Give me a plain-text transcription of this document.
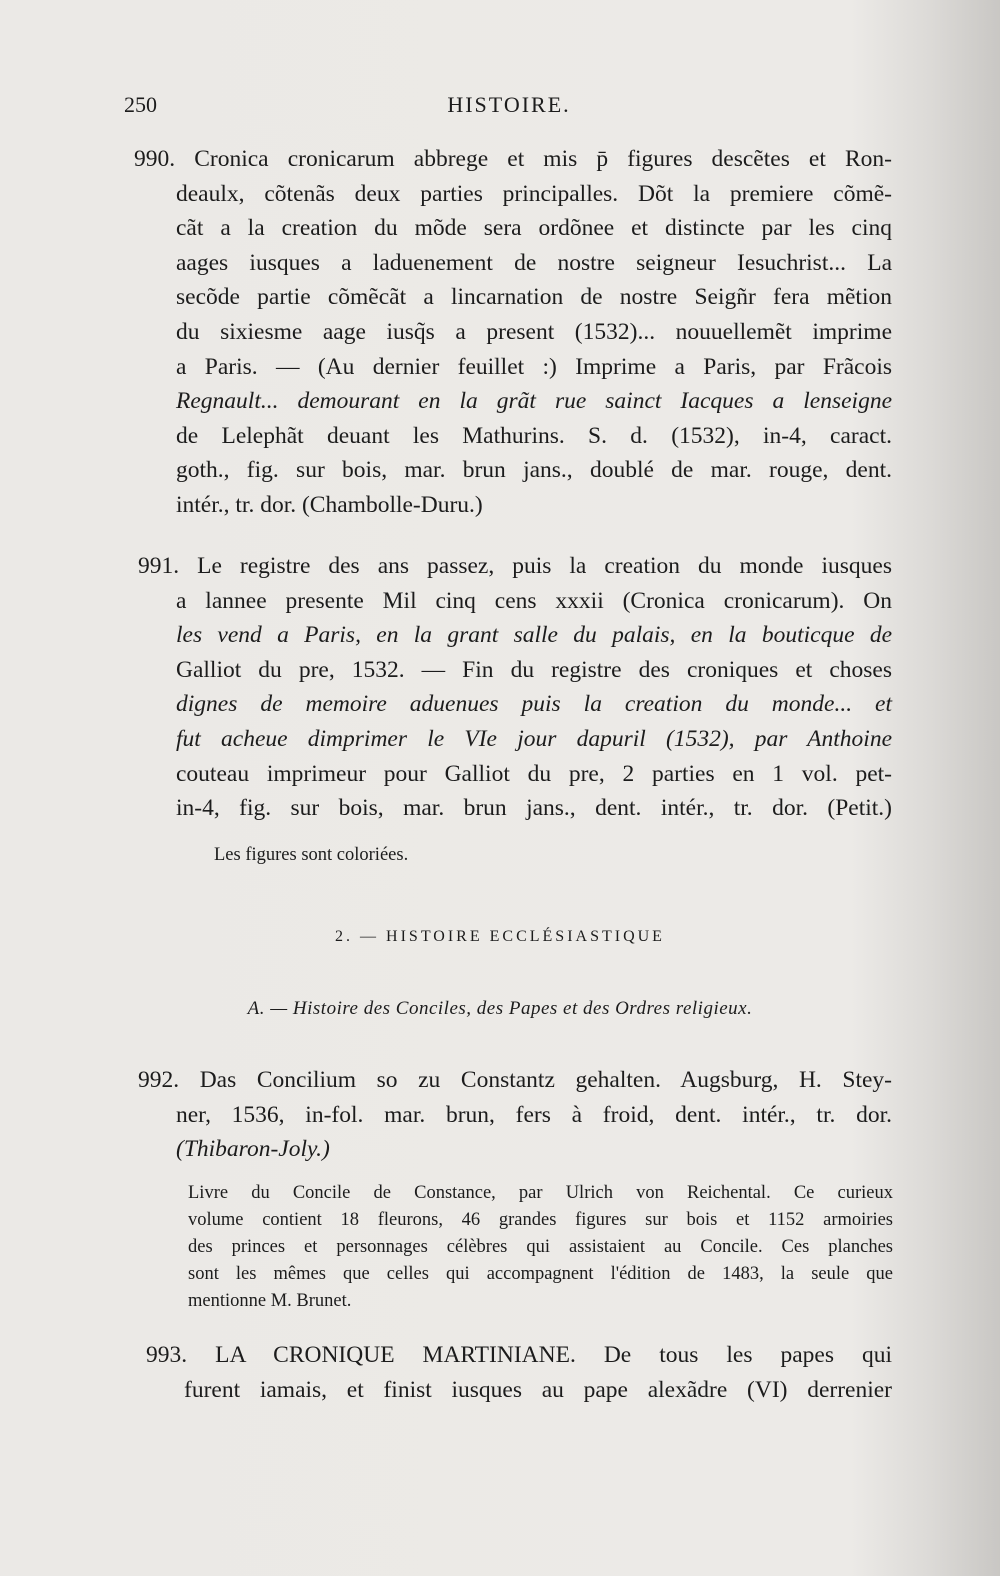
250	HISTOIRE.
990. Cronica cronicarum abbrege et mis p̄ figures descẽtes et Ron-
deaulx, cõtenãs deux parties principalles. Dõt la premiere cõmẽ-
cãt a la creation du mõde sera ordõnee et distincte par les cinq
aages iusques a laduenement de nostre seigneur Iesuchrist... La
secõde partie cõmẽcãt a lincarnation de nostre Seigñr fera mẽtion
du sixiesme aage iusq̃s a present (1532)... nouuellemẽt imprime
a Paris. — (Au dernier feuillet :) Imprime a Paris, par Frãcois
Regnault... demourant en la grãt rue sainct Iacques a lenseigne
de Lelephãt deuant les Mathurins. S. d. (1532), in-4, caract.
goth., fig. sur bois, mar. brun jans., doublé de mar. rouge, dent.
intér., tr. dor. (Chambolle-Duru.)
991. Le registre des ans passez, puis la creation du monde iusques
a lannee presente Mil cinq cens xxxii (Cronica cronicarum). On
les vend a Paris, en la grant salle du palais, en la bouticque de
Galliot du pre, 1532. — Fin du registre des croniques et choses
dignes de memoire aduenues puis la creation du monde... et
fut acheue dimprimer le VIe jour dapuril (1532), par Anthoine
couteau imprimeur pour Galliot du pre, 2 parties en 1 vol. pet-
in-4, fig. sur bois, mar. brun jans., dent. intér., tr. dor. (Petit.)
Les figures sont coloriées.
2. — HISTOIRE ECCLÉSIASTIQUE
A. — Histoire des Conciles, des Papes et des Ordres religieux.
992. Das Concilium so zu Constantz gehalten. Augsburg, H. Stey-
ner, 1536, in-fol. mar. brun, fers à froid, dent. intér., tr. dor.
(Thibaron-Joly.)
Livre du Concile de Constance, par Ulrich von Reichental. Ce curieux
volume contient 18 fleurons, 46 grandes figures sur bois et 1152 armoiries
des princes et personnages célèbres qui assistaient au Concile. Ces planches
sont les mêmes que celles qui accompagnent l'édition de 1483, la seule que
mentionne M. Brunet.
993. LA CRONIQUE MARTINIANE. De tous les papes qui
furent iamais, et finist iusques au pape alexãdre (VI) derrenier
